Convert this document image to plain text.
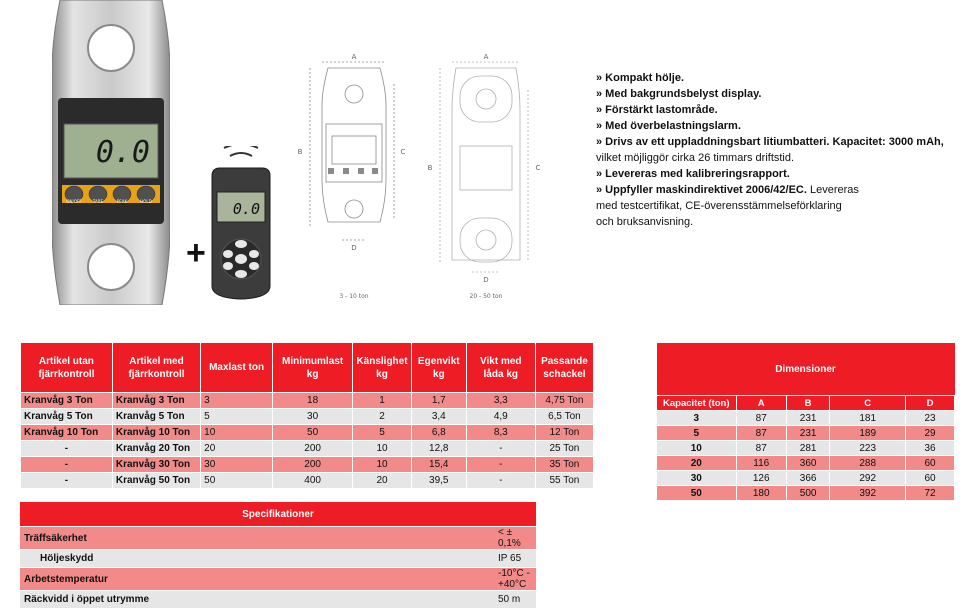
0.0
ON/OFF	TARE	PEAK	HOLD
+
0.0
A
B	C
D
3 - 10 ton
A
B	C
D
20 - 50 ton
» Kompakt hölje.
» Med bakgrundsbelyst display.
» Förstärkt lastområde.
» Med överbelastningslarm.
» Drivs av ett uppladdningsbart litiumbatteri. Kapacitet: 3000 mAh,
vilket möjliggör cirka 26 timmars driftstid.
» Levereras med kalibreringsrapport.
» Uppfyller maskindirektivet 2006/42/EC. Levereras
med testcertifikat, CE-överensstämmelseförklaring
och bruksanvisning.
Artikel utan fjärrkontroll	Artikel med fjärrkontroll	Maxlast ton	Minimumlast kg	Känslighet kg	Egenvikt kg	Vikt med låda kg	Passande schackel
Kranvåg 3 Ton	Kranvåg 3 Ton	3	18	1	1,7	3,3	4,75 Ton
Kranvåg 5 Ton	Kranvåg 5 Ton	5	30	2	3,4	4,9	6,5 Ton
Kranvåg 10 Ton	Kranvåg 10 Ton	10	50	5	6,8	8,3	12 Ton
-	Kranvåg 20 Ton	20	200	10	12,8	-	25 Ton
-	Kranvåg 30 Ton	30	200	10	15,4	-	35 Ton
-	Kranvåg 50 Ton	50	400	20	39,5	-	55 Ton
Dimensioner				
Kapacitet (ton)	A	B	C	D
3	87	231	181	23
5	87	231	189	29
10	87	281	223	36
20	116	360	288	60
30	126	366	292	60
50	180	500	392	72
Specifikationer	
Träffsäkerhet	< ± 0,1%
Höljeskydd	IP 65
Arbetstemperatur	-10°C - +40°C
Räckvidd i öppet utrymme	50 m
